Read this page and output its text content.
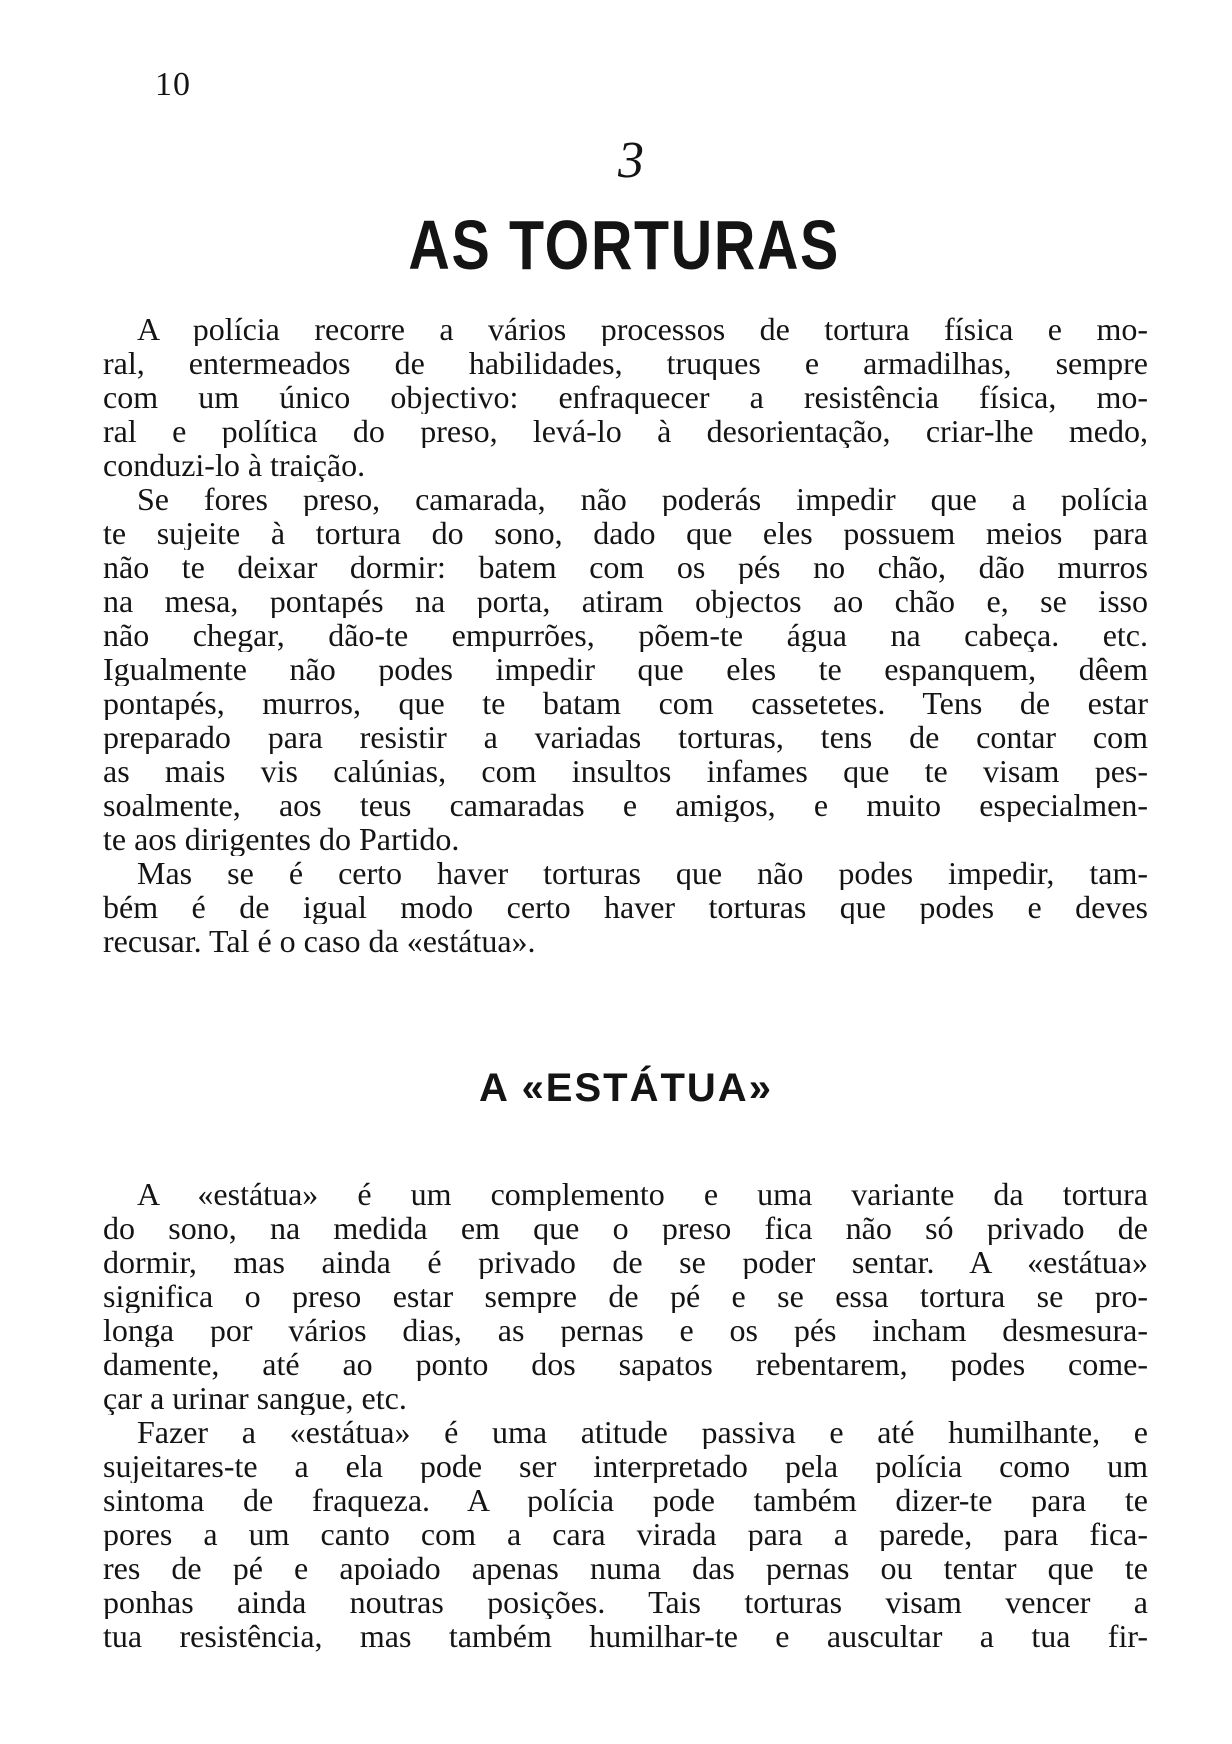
10
3
AS TORTURAS
A polícia recorre a vários processos de tortura física e mo-
ral, entermeados de habilidades, truques e armadilhas, sempre
com um único objectivo: enfraquecer a resistência física, mo-
ral e política do preso, levá-lo à desorientação, criar-lhe medo,
conduzi-lo à traição.
Se fores preso, camarada, não poderás impedir que a polícia
te sujeite à tortura do sono, dado que eles possuem meios para
não te deixar dormir: batem com os pés no chão, dão murros
na mesa, pontapés na porta, atiram objectos ao chão e, se isso
não chegar, dão-te empurrões, põem-te água na cabeça. etc.
Igualmente não podes impedir que eles te espanquem, dêem
pontapés, murros, que te batam com cassetetes. Tens de estar
preparado para resistir a variadas torturas, tens de contar com
as mais vis calúnias, com insultos infames que te visam pes-
soalmente, aos teus camaradas e amigos, e muito especialmen-
te aos dirigentes do Partido.
Mas se é certo haver torturas que não podes impedir, tam-
bém é de igual modo certo haver torturas que podes e deves
recusar. Tal é o caso da «estátua».
A «ESTÁTUA»
A «estátua» é um complemento e uma variante da tortura
do sono, na medida em que o preso fica não só privado de
dormir, mas ainda é privado de se poder sentar. A «estátua»
significa o preso estar sempre de pé e se essa tortura se pro-
longa por vários dias, as pernas e os pés incham desmesura-
damente, até ao ponto dos sapatos rebentarem, podes come-
çar a urinar sangue, etc.
Fazer a «estátua» é uma atitude passiva e até humilhante, e
sujeitares-te a ela pode ser interpretado pela polícia como um
sintoma de fraqueza. A polícia pode também dizer-te para te
pores a um canto com a cara virada para a parede, para fica-
res de pé e apoiado apenas numa das pernas ou tentar que te
ponhas ainda noutras posições. Tais torturas visam vencer a
tua resistência, mas também humilhar-te e auscultar a tua fir-
